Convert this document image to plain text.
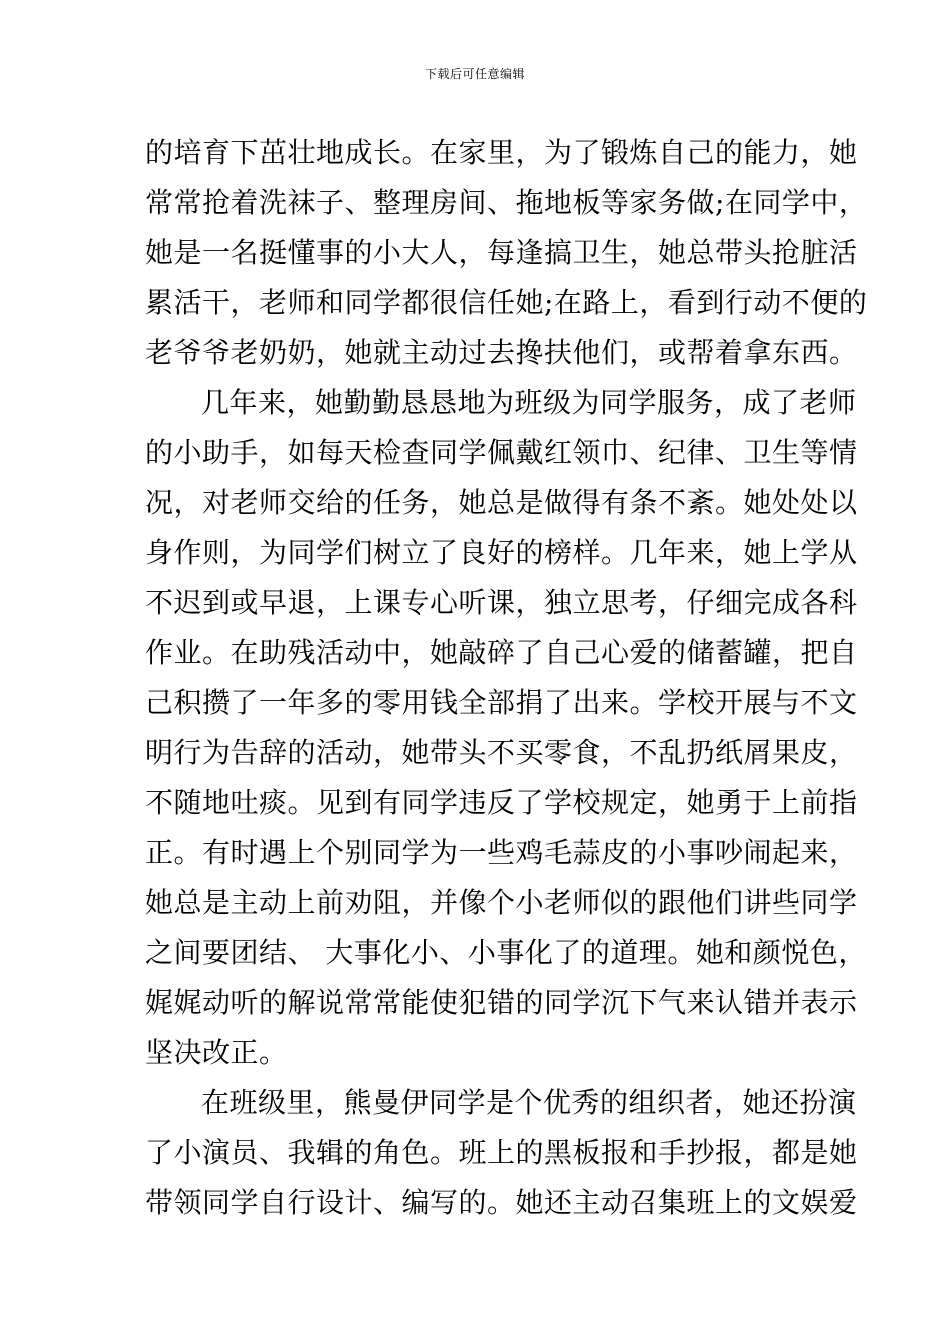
下载后可任意编辑
的培育下茁壮地成长。在家里，为了锻炼自己的能力，她
常常抢着洗袜子、整理房间、拖地板等家务做;在同学中，
她是一名挺懂事的小大人，每逢搞卫生，她总带头抢脏活
累活干，老师和同学都很信任她;在路上，看到行动不便的
老爷爷老奶奶，她就主动过去搀扶他们，或帮着拿东西。
几年来，她勤勤恳恳地为班级为同学服务，成了老师
的小助手，如每天检查同学佩戴红领巾、纪律、卫生等情
况，对老师交给的任务，她总是做得有条不紊。她处处以
身作则，为同学们树立了良好的榜样。几年来，她上学从
不迟到或早退，上课专心听课，独立思考，仔细完成各科
作业。在助残活动中，她敲碎了自己心爱的储蓄罐，把自
己积攒了一年多的零用钱全部捐了出来。学校开展与不文
明行为告辞的活动，她带头不买零食，不乱扔纸屑果皮，
不随地吐痰。见到有同学违反了学校规定，她勇于上前指
正。有时遇上个别同学为一些鸡毛蒜皮的小事吵闹起来，
她总是主动上前劝阻，并像个小老师似的跟他们讲些同学
之间要团结、 大事化小、小事化了的道理。她和颜悦色，
娓娓动听的解说常常能使犯错的同学沉下气来认错并表示
坚决改正。
在班级里，熊曼伊同学是个优秀的组织者，她还扮演
了小演员、我辑的角色。班上的黑板报和手抄报，都是她
带领同学自行设计、编写的。她还主动召集班上的文娱爱
